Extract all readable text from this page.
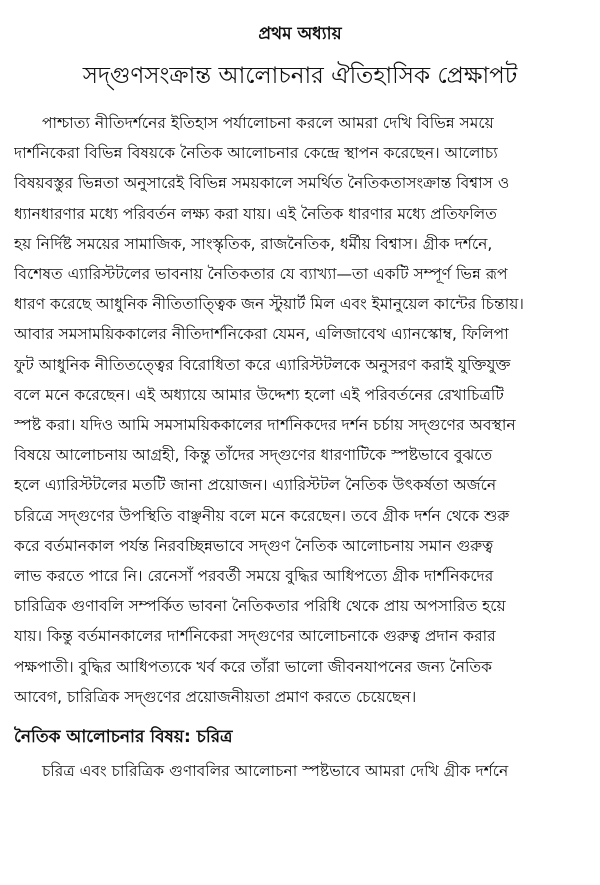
প্রথম অধ্যায়
সদ্‌গুণসংক্রান্ত আলোচনার ঐতিহাসিক প্রেক্ষাপট
পাশ্চাত্য নীতিদর্শনের ইতিহাস পর্যালোচনা করলে আমরা দেখি বিভিন্ন সময়ে
দার্শনিকেরা বিভিন্ন বিষয়কে নৈতিক আলোচনার কেন্দ্রে স্থাপন করেছেন। আলোচ্য
বিষয়বস্তুর ভিন্নতা অনুসারেই বিভিন্ন সময়কালে সমর্থিত নৈতিকতাসংক্রান্ত বিশ্বাস ও
ধ্যানধারণার মধ্যে পরিবর্তন লক্ষ্য করা যায়। এই নৈতিক ধারণার মধ্যে প্রতিফলিত
হয় নির্দিষ্ট সময়ের সামাজিক, সাংস্কৃতিক, রাজনৈতিক, ধর্মীয় বিশ্বাস। গ্রীক দর্শনে,
বিশেষত এ্যারিস্টটলের ভাবনায় নৈতিকতার যে ব্যাখ্যা—তা একটি সম্পূর্ণ ভিন্ন রূপ
ধারণ করেছে আধুনিক নীতিতাত্ত্বিক জন স্টুয়ার্ট মিল এবং ইমানুয়েল কান্টের চিন্তায়।
আবার সমসাময়িককালের নীতিদার্শনিকেরা যেমন, এলিজাবেথ এ্যানস্কোম্ব, ফিলিপা
ফুট আধুনিক নীতিতত্ত্বের বিরোধিতা করে এ্যারিস্টটলকে অনুসরণ করাই যুক্তিযুক্ত
বলে মনে করেছেন। এই অধ্যায়ে আমার উদ্দেশ্য হলো এই পরিবর্তনের রেখাচিত্রটি
স্পষ্ট করা। যদিও আমি সমসাময়িককালের দার্শনিকদের দর্শন চর্চায় সদ্‌গুণের অবস্থান
বিষয়ে আলোচনায় আগ্রহী, কিন্তু তাঁদের সদ্‌গুণের ধারণাটিকে স্পষ্টভাবে বুঝতে
হলে এ্যারিস্টটলের মতটি জানা প্রয়োজন। এ্যারিস্টটল নৈতিক উৎকর্ষতা অর্জনে
চরিত্রে সদ্‌গুণের উপস্থিতি বাঞ্ছনীয় বলে মনে করেছেন। তবে গ্রীক দর্শন থেকে শুরু
করে বর্তমানকাল পর্যন্ত নিরবচ্ছিন্নভাবে সদ্‌গুণ নৈতিক আলোচনায় সমান গুরুত্ব
লাভ করতে পারে নি। রেনেসাঁ পরবর্তী সময়ে বুদ্ধির আধিপত্যে গ্রীক দার্শনিকদের
চারিত্রিক গুণাবলি সম্পর্কিত ভাবনা নৈতিকতার পরিধি থেকে প্রায় অপসারিত হয়ে
যায়। কিন্তু বর্তমানকালের দার্শনিকেরা সদ্‌গুণের আলোচনাকে গুরুত্ব প্রদান করার
পক্ষপাতী। বুদ্ধির আধিপত্যকে খর্ব করে তাঁরা ভালো জীবনযাপনের জন্য নৈতিক
আবেগ, চারিত্রিক সদ্‌গুণের প্রয়োজনীয়তা প্রমাণ করতে চেয়েছেন।
নৈতিক আলোচনার বিষয়: চরিত্র
চরিত্র এবং চারিত্রিক গুণাবলির আলোচনা স্পষ্টভাবে আমরা দেখি গ্রীক দর্শনে
